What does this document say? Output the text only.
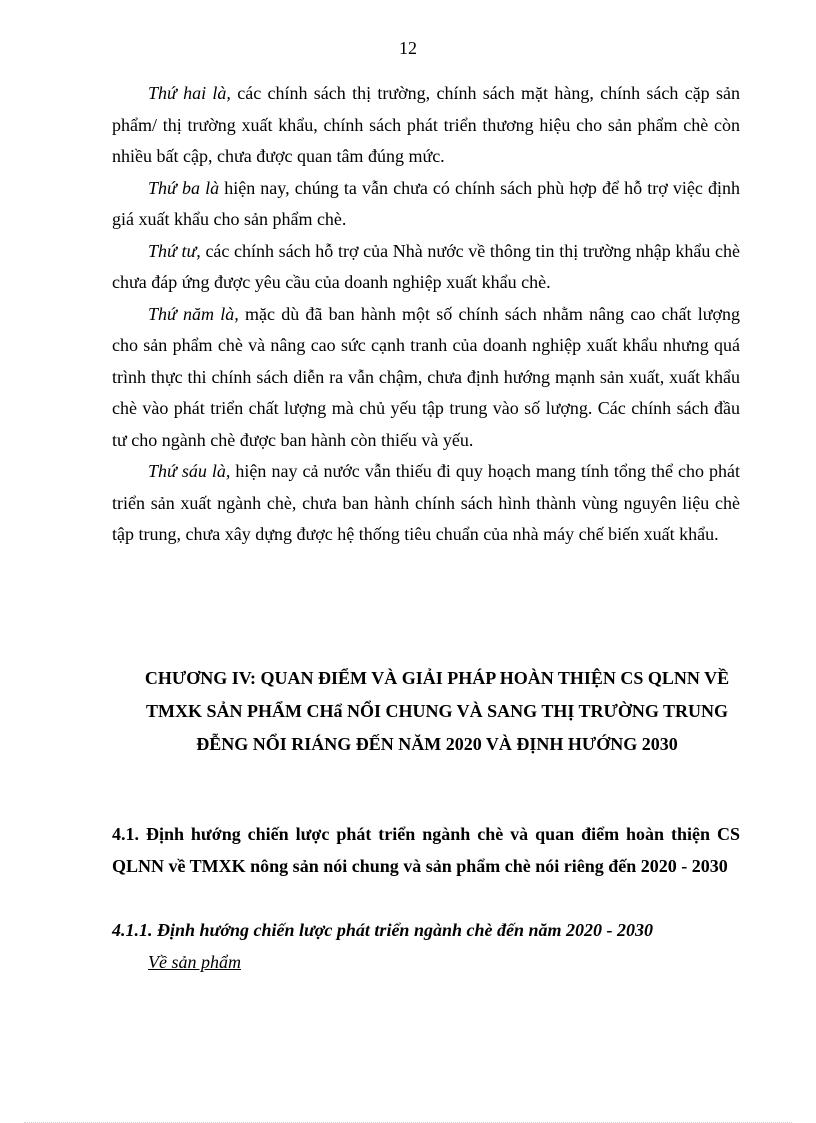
12

Thứ hai là, các chính sách thị trường, chính sách mặt hàng, chính sách cặp sản phẩm/ thị trường xuất khẩu, chính sách phát triển thương hiệu cho sản phẩm chè còn nhiều bất cập, chưa được quan tâm đúng mức.

Thứ ba là hiện nay, chúng ta vẫn chưa có chính sách phù hợp để hỗ trợ việc định giá xuất khẩu cho sản phẩm chè.

Thứ tư, các chính sách hỗ trợ của Nhà nước về thông tin thị trường nhập khẩu chè chưa đáp ứng được yêu cầu của doanh nghiệp xuất khẩu chè.

Thứ năm là, mặc dù đã ban hành một số chính sách nhằm nâng cao chất lượng cho sản phẩm chè và nâng cao sức cạnh tranh của doanh nghiệp xuất khẩu nhưng quá trình thực thi chính sách diễn ra vẫn chậm, chưa định hướng mạnh sản xuất, xuất khẩu chè vào phát triển chất lượng mà chủ yếu tập trung vào số lượng. Các chính sách đầu tư cho ngành chè được ban hành còn thiếu và yếu.

Thứ sáu là, hiện nay cả nước vẫn thiếu đi quy hoạch mang tính tổng thể cho phát triển sản xuất ngành chè, chưa ban hành chính sách hình thành vùng nguyên liệu chè tập trung, chưa xây dựng được hệ thống tiêu chuẩn của nhà máy chế biến xuất khẩu.

CHƯƠNG IV: QUAN ĐIỂM VÀ GIẢI PHÁP HOÀN THIỆN CS QLNN VỀ TMXK SẢN PHẨM CHẩ NỔI CHUNG VÀ SANG THỊ TRƯỜNG TRUNG ĐỄNG NỔI RIÁNG ĐẾN NĂM 2020 VÀ ĐỊNH HƯỚNG 2030
4.1. Định hướng chiến lược phát triển ngành chè và quan điểm hoàn thiện CS QLNN về TMXK nông sản nói chung và sản phẩm chè nói riêng đến 2020 - 2030
4.1.1. Định hướng chiến lược phát triển ngành chè đến năm 2020 - 2030

Về sản phẩm
